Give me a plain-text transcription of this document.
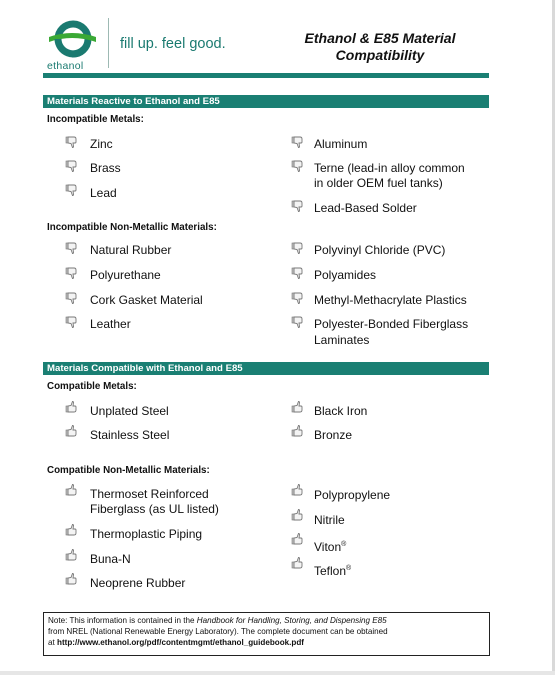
ethanol
fill up. feel good.	Ethanol & E85 Material
Compatibility
Materials Reactive to Ethanol and E85
Incompatible Metals:
Zinc
Brass
Lead
Aluminum
Terne (lead-in alloy common
in older OEM fuel tanks)
Lead-Based Solder
Incompatible Non-Metallic Materials:
Natural Rubber
Polyurethane
Cork Gasket Material
Leather
Polyvinyl Chloride (PVC)
Polyamides
Methyl-Methacrylate Plastics
Polyester-Bonded Fiberglass
Laminates
Materials Compatible with Ethanol and E85
Compatible Metals:
Unplated Steel
Stainless Steel
Black Iron
Bronze
Compatible Non-Metallic Materials:
Thermoset Reinforced
Fiberglass (as UL listed)
Thermoplastic Piping
Buna-N
Neoprene Rubber
Polypropylene
Nitrile
Viton®
Teflon®
Note: This information is contained in the Handbook for Handling, Storing, and Dispensing E85
from NREL (National Renewable Energy Laboratory). The complete document can be obtained
at http://www.ethanol.org/pdf/contentmgmt/ethanol_guidebook.pdf
